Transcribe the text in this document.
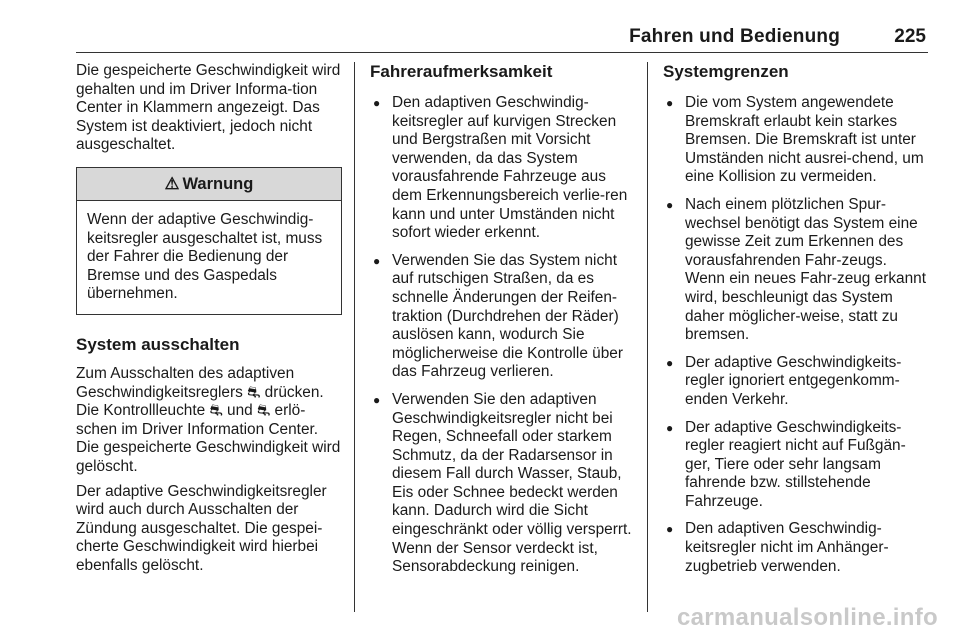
Fahren und Bedienung	225

Die gespeicherte Geschwindigkeit wird gehalten und im Driver Informa-tion Center in Klammern angezeigt. Das System ist deaktiviert, jedoch nicht ausgeschaltet.

⚠ Warnung
Wenn der adaptive Geschwindig-keitsregler ausgeschaltet ist, muss der Fahrer die Bedienung der Bremse und des Gaspedals übernehmen.
System ausschalten

Zum Ausschalten des adaptiven Geschwindigkeitsreglers ⛐ drücken. Die Kontrollleuchte ⛐ und ⛐ erlö-schen im Driver Information Center. Die gespeicherte Geschwindigkeit wird gelöscht.

Der adaptive Geschwindigkeitsregler wird auch durch Ausschalten der Zündung ausgeschaltet. Die gespei-cherte Geschwindigkeit wird hierbei ebenfalls gelöscht.

Fahreraufmerksamkeit
● Den adaptiven Geschwindig-keitsregler auf kurvigen Strecken und Bergstraßen mit Vorsicht verwenden, da das System vorausfahrende Fahrzeuge aus dem Erkennungsbereich verlie-ren kann und unter Umständen nicht sofort wieder erkennt.
● Verwenden Sie das System nicht auf rutschigen Straßen, da es schnelle Änderungen der Reifen-traktion (Durchdrehen der Räder) auslösen kann, wodurch Sie möglicherweise die Kontrolle über das Fahrzeug verlieren.
● Verwenden Sie den adaptiven Geschwindigkeitsregler nicht bei Regen, Schneefall oder starkem Schmutz, da der Radarsensor in diesem Fall durch Wasser, Staub, Eis oder Schnee bedeckt werden kann. Dadurch wird die Sicht eingeschränkt oder völlig versperrt. Wenn der Sensor verdeckt ist, Sensorabdeckung reinigen.
Systemgrenzen
● Die vom System angewendete Bremskraft erlaubt kein starkes Bremsen. Die Bremskraft ist unter Umständen nicht ausrei-chend, um eine Kollision zu vermeiden.
● Nach einem plötzlichen Spur-wechsel benötigt das System eine gewisse Zeit zum Erkennen des vorausfahrenden Fahr-zeugs. Wenn ein neues Fahr-zeug erkannt wird, beschleunigt das System daher möglicher-weise, statt zu bremsen.
● Der adaptive Geschwindigkeits-regler ignoriert entgegenkomm-enden Verkehr.
● Der adaptive Geschwindigkeits-regler reagiert nicht auf Fußgän-ger, Tiere oder sehr langsam fahrende bzw. stillstehende Fahrzeuge.
● Den adaptiven Geschwindig-keitsregler nicht im Anhänger-zugbetrieb verwenden.
carmanualsonline.info
